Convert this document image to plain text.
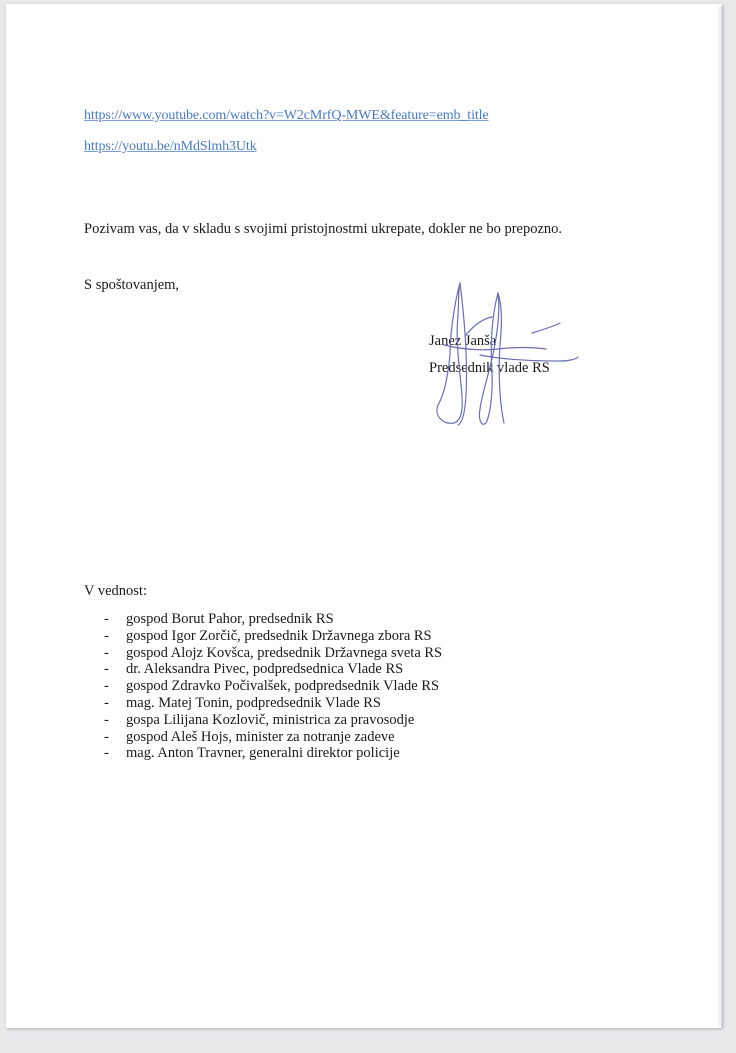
https://www.youtube.com/watch?v=W2cMrfQ-MWE&feature=emb_title
https://youtu.be/nMdSlmh3Utk
Pozivam vas, da v skladu s svojimi pristojnostmi ukrepate, dokler ne bo prepozno.
S spoštovanjem,
Janez Janša
Predsednik vlade RS
V vednost:
- gospod Borut Pahor, predsednik RS
- gospod Igor Zorčič, predsednik Državnega zbora RS
- gospod Alojz Kovšca, predsednik Državnega sveta RS
- dr. Aleksandra Pivec, podpredsednica Vlade RS
- gospod Zdravko Počivalšek, podpredsednik Vlade RS
- mag. Matej Tonin, podpredsednik Vlade RS
- gospa Lilijana Kozlovič, ministrica za pravosodje
- gospod Aleš Hojs, minister za notranje zadeve
- mag. Anton Travner, generalni direktor policije
